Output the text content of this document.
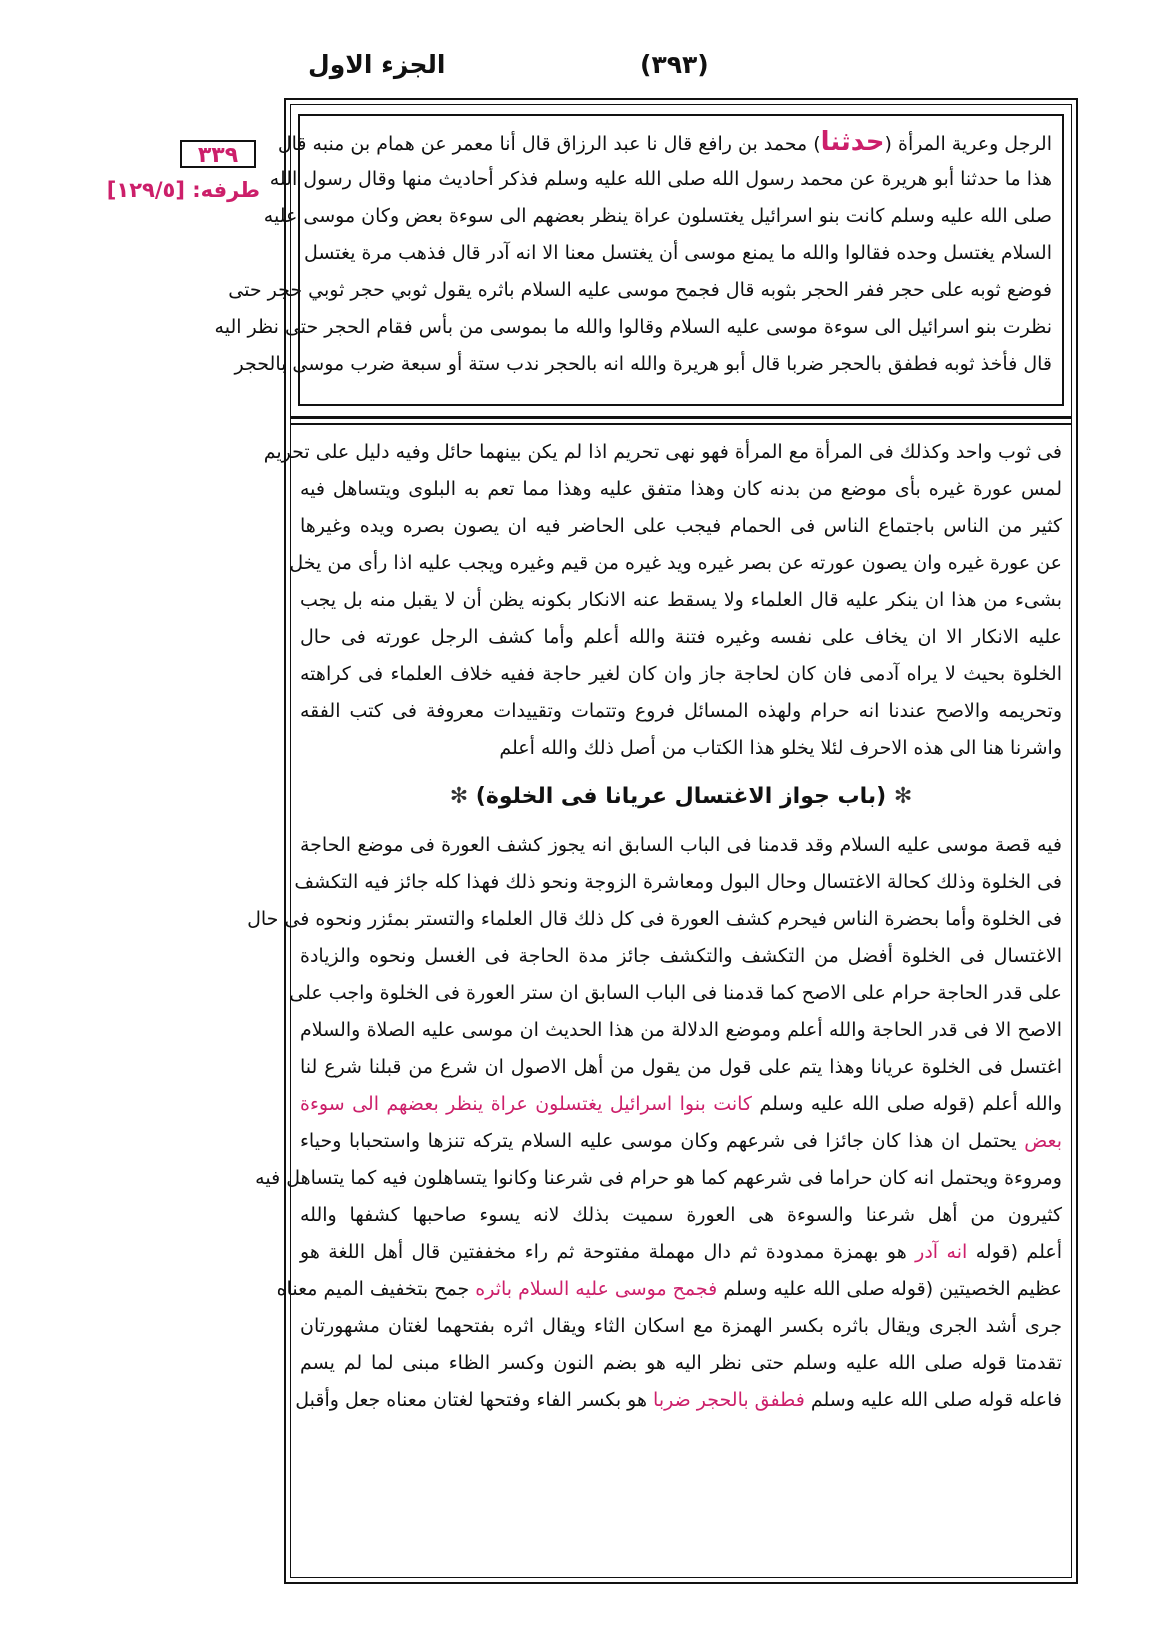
(٣٩٣)
الجزء الاول
٣٣٩
طرفه: [١٢٩/٥]
الرجل وعرية المرأة (حدثنا) محمد بن رافع قال نا عبد الرزاق قال أنا معمر عن همام بن منبه قال
هذا ما حدثنا أبو هريرة عن محمد رسول الله صلى الله عليه وسلم فذكر أحاديث منها وقال رسول الله
صلى الله عليه وسلم كانت بنو اسرائيل يغتسلون عراة ينظر بعضهم الى سوءة بعض وكان موسى عليه
السلام يغتسل وحده فقالوا والله ما يمنع موسى أن يغتسل معنا الا انه آدر قال فذهب مرة يغتسل
فوضع ثوبه على حجر ففر الحجر بثوبه قال فجمح موسى عليه السلام باثره يقول ثوبي حجر ثوبي حجر حتى
نظرت بنو اسرائيل الى سوءة موسى عليه السلام وقالوا والله ما بموسى من بأس فقام الحجر حتى نظر اليه
قال فأخذ ثوبه فطفق بالحجر ضربا قال أبو هريرة والله انه بالحجر ندب ستة أو سبعة ضرب موسى بالحجر
فى ثوب واحد وكذلك فى المرأة مع المرأة فهو نهى تحريم اذا لم يكن بينهما حائل وفيه دليل على تحريم
لمس عورة غيره بأى موضع من بدنه كان وهذا متفق عليه وهذا مما تعم به البلوى ويتساهل فيه
كثير من الناس باجتماع الناس فى الحمام فيجب على الحاضر فيه ان يصون بصره ويده وغيرها
عن عورة غيره وان يصون عورته عن بصر غيره ويد غيره من قيم وغيره ويجب عليه اذا رأى من يخل
بشىء من هذا ان ينكر عليه قال العلماء ولا يسقط عنه الانكار بكونه يظن أن لا يقبل منه بل يجب
عليه الانكار الا ان يخاف على نفسه وغيره فتنة والله أعلم وأما كشف الرجل عورته فى حال
الخلوة بحيث لا يراه آدمى فان كان لحاجة جاز وان كان لغير حاجة ففيه خلاف العلماء فى كراهته
وتحريمه والاصح عندنا انه حرام ولهذه المسائل فروع وتتمات وتقييدات معروفة فى كتب الفقه
واشرنا هنا الى هذه الاحرف لئلا يخلو هذا الكتاب من أصل ذلك والله أعلم
✻ (باب جواز الاغتسال عريانا فى الخلوة) ✻
فيه قصة موسى عليه السلام وقد قدمنا فى الباب السابق انه يجوز كشف العورة فى موضع الحاجة
فى الخلوة وذلك كحالة الاغتسال وحال البول ومعاشرة الزوجة ونحو ذلك فهذا كله جائز فيه التكشف
فى الخلوة وأما بحضرة الناس فيحرم كشف العورة فى كل ذلك قال العلماء والتستر بمئزر ونحوه فى حال
الاغتسال فى الخلوة أفضل من التكشف والتكشف جائز مدة الحاجة فى الغسل ونحوه والزيادة
على قدر الحاجة حرام على الاصح كما قدمنا فى الباب السابق ان ستر العورة فى الخلوة واجب على
الاصح الا فى قدر الحاجة والله أعلم وموضع الدلالة من هذا الحديث ان موسى عليه الصلاة والسلام
اغتسل فى الخلوة عريانا وهذا يتم على قول من يقول من أهل الاصول ان شرع من قبلنا شرع لنا
والله أعلم (قوله صلى الله عليه وسلم كانت بنوا اسرائيل يغتسلون عراة ينظر بعضهم الى سوءة
بعض يحتمل ان هذا كان جائزا فى شرعهم وكان موسى عليه السلام يتركه تنزها واستحبابا وحياء
ومروءة ويحتمل انه كان حراما فى شرعهم كما هو حرام فى شرعنا وكانوا يتساهلون فيه كما يتساهل فيه
كثيرون من أهل شرعنا والسوءة هى العورة سميت بذلك لانه يسوء صاحبها كشفها والله
أعلم (قوله انه آدر هو بهمزة ممدودة ثم دال مهملة مفتوحة ثم راء مخففتين قال أهل اللغة هو
عظيم الخصيتين (قوله صلى الله عليه وسلم فجمح موسى عليه السلام باثره جمح بتخفيف الميم معناه
جرى أشد الجرى ويقال باثره بكسر الهمزة مع اسكان الثاء ويقال اثره بفتحهما لغتان مشهورتان
تقدمتا قوله صلى الله عليه وسلم حتى نظر اليه هو بضم النون وكسر الظاء مبنى لما لم يسم
فاعله قوله صلى الله عليه وسلم فطفق بالحجر ضربا هو بكسر الفاء وفتحها لغتان معناه جعل وأقبل
